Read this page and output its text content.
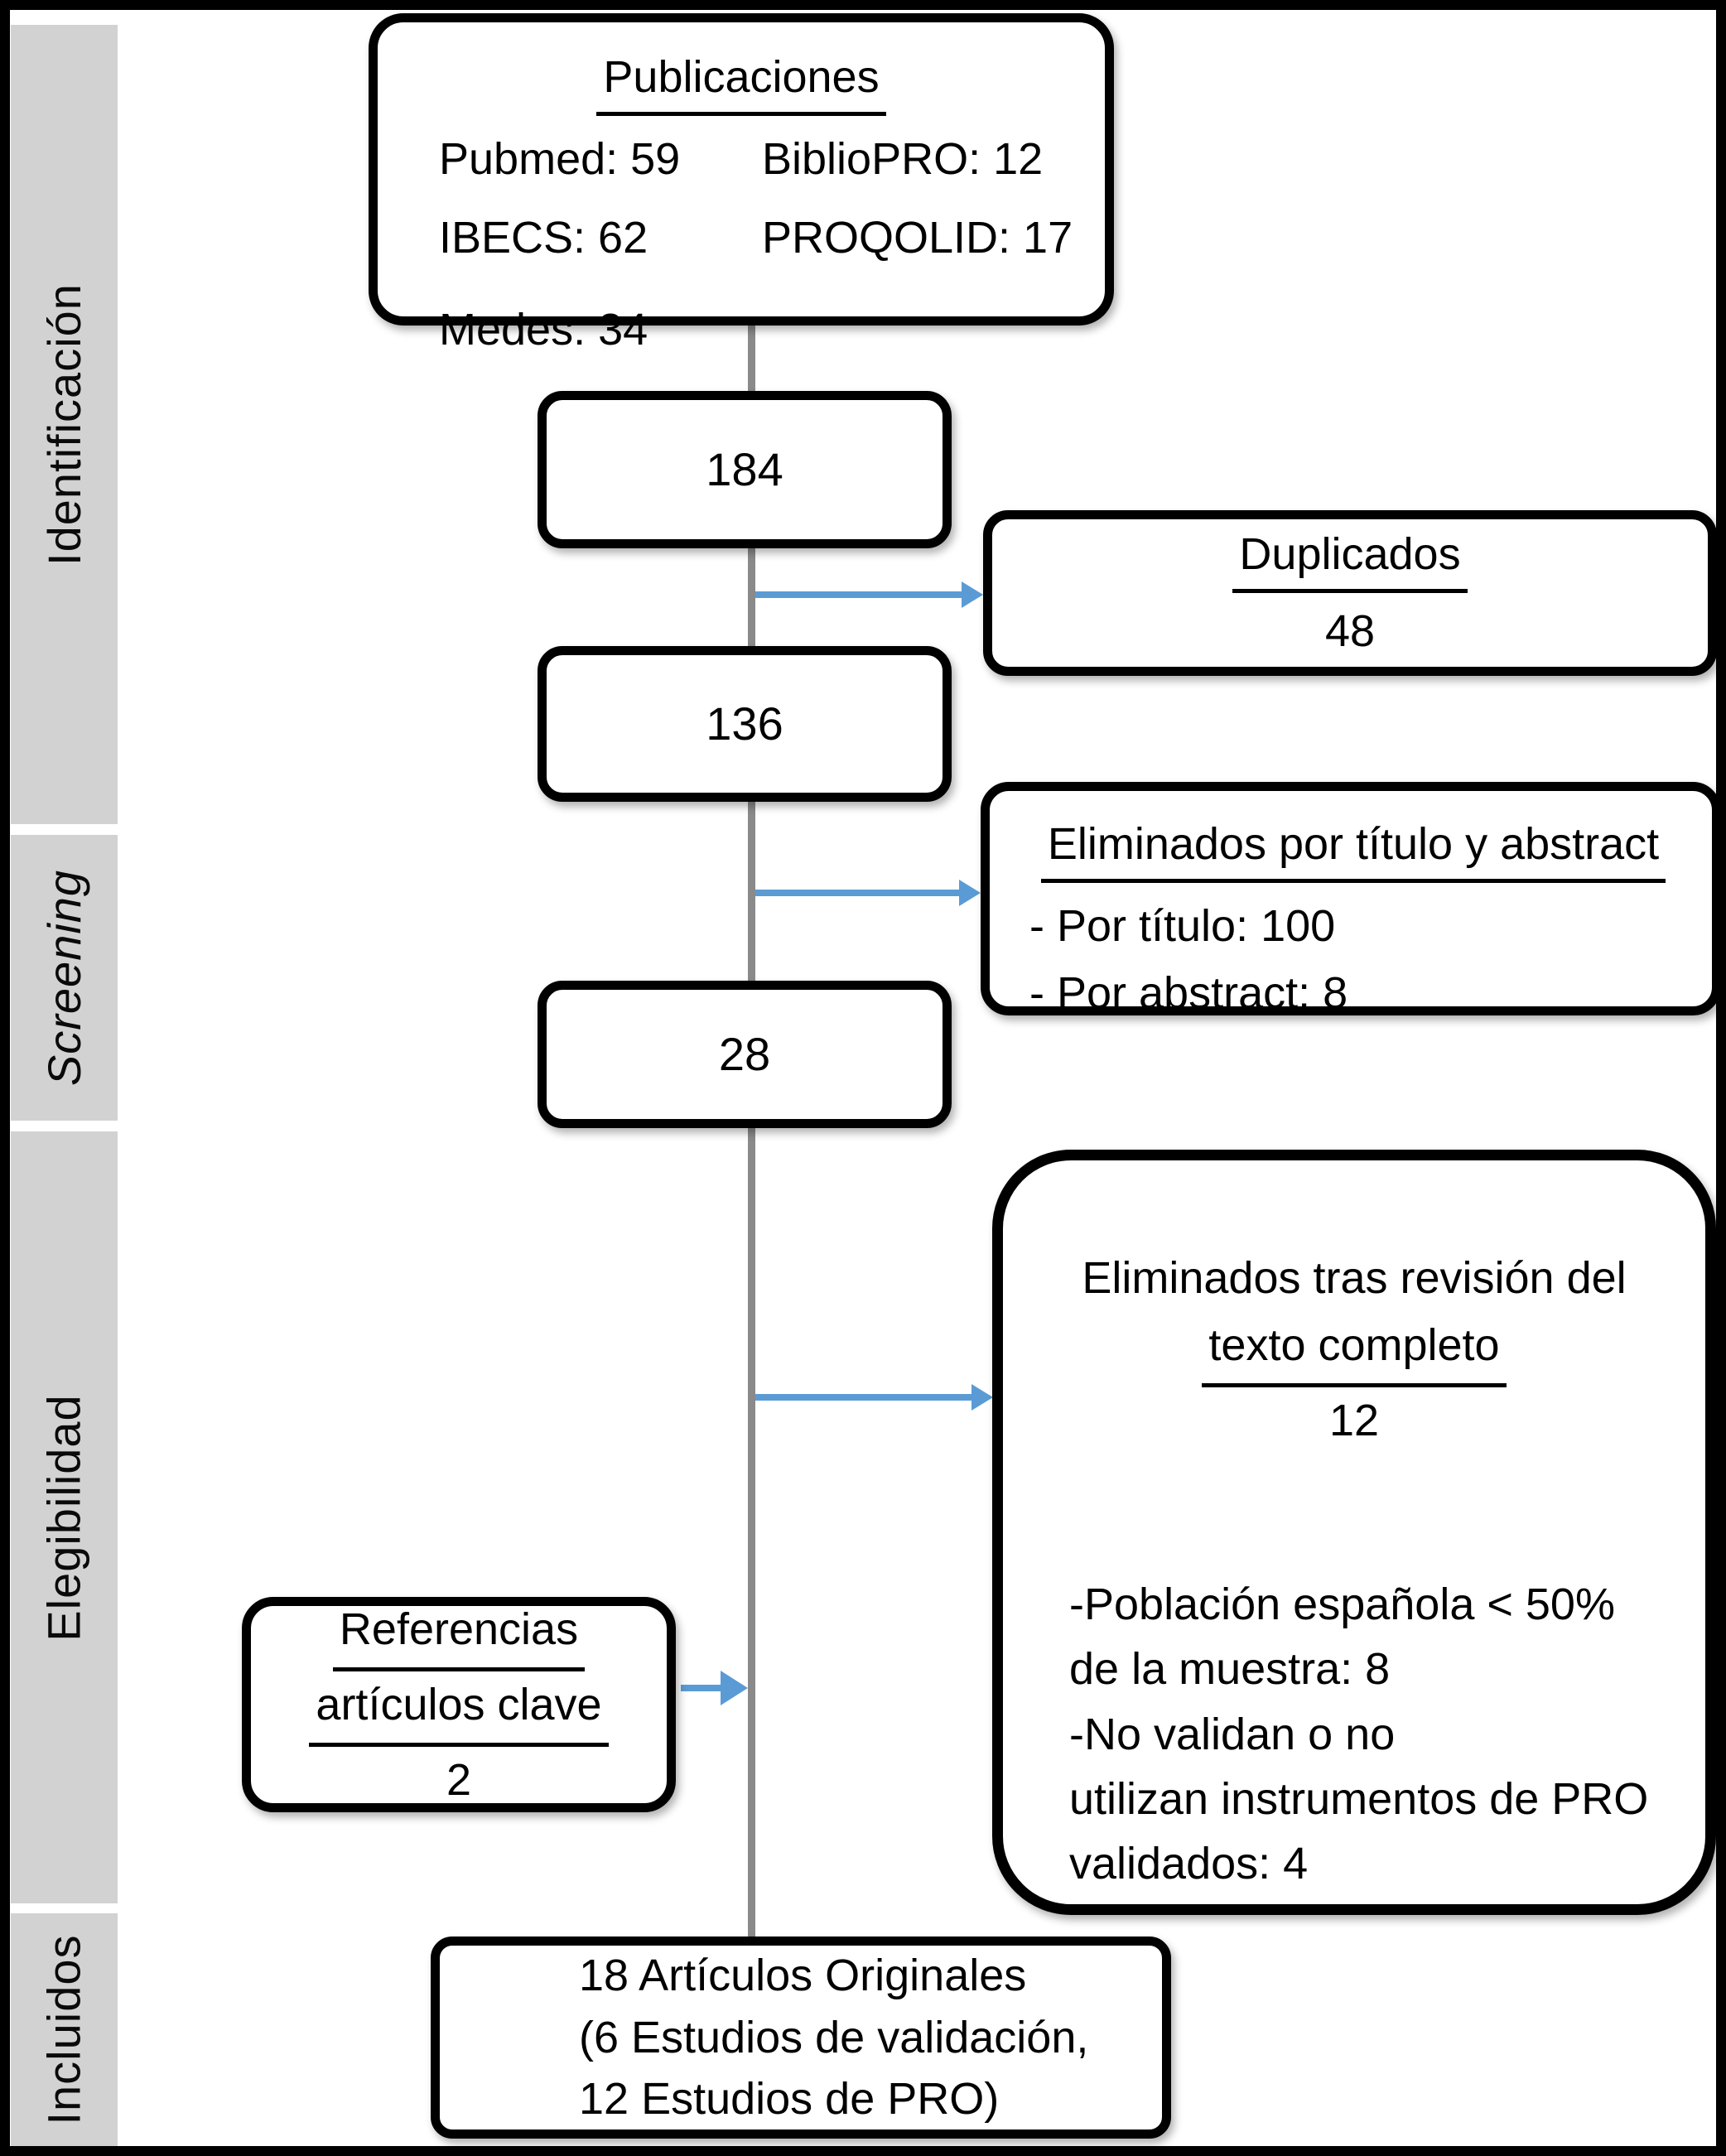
Identificación
Screening
Elegibilidad
Incluidos
Publicaciones
Pubmed: 59	BiblioPRO: 12
IBECS: 62	PROQOLID: 17
Medes: 34
184
136
28
Duplicados
48
Eliminados por título y abstract
- Por título: 100
- Por abstract: 8
Eliminados tras revisión del
texto completo
12
-Población española < 50%
de la muestra: 8
-No validan o no
utilizan instrumentos de PRO
validados: 4
Referencias
artículos clave
2
18 Artículos Originales
(6 Estudios de validación,
12 Estudios de PRO)
